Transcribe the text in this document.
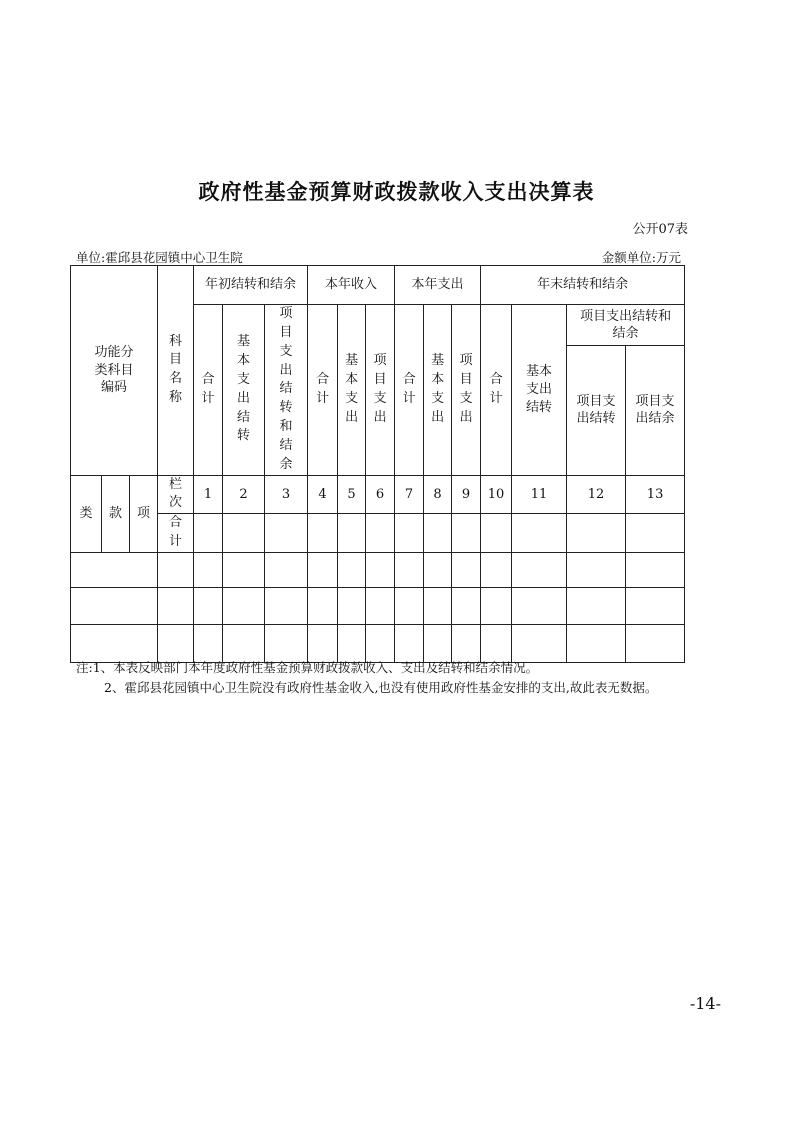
政府性基金预算财政拨款收入支出决算表
公开07表
单位:霍邱县花园镇中心卫生院	金额单位:万元
功能分类科目编码			科目名称	年初结转和结余			本年收入			本年支出			年末结转和结余			
				合计	基本支出结转	项目支出结转和结余	合计	基本支出	项目支出	合计	基本支出	项目支出	合计	基本支出结转	项目支出结转和结余	
															项目支出结转	项目支出结余
类	款	项	栏次	1	2	3	4	5	6	7	8	9	10	11	12	13
			合计													

注:1、本表反映部门本年度政府性基金预算财政拨款收入、支出及结转和结余情况。
2、霍邱县花园镇中心卫生院没有政府性基金收入,也没有使用政府性基金安排的支出,故此表无数据。
-14-
